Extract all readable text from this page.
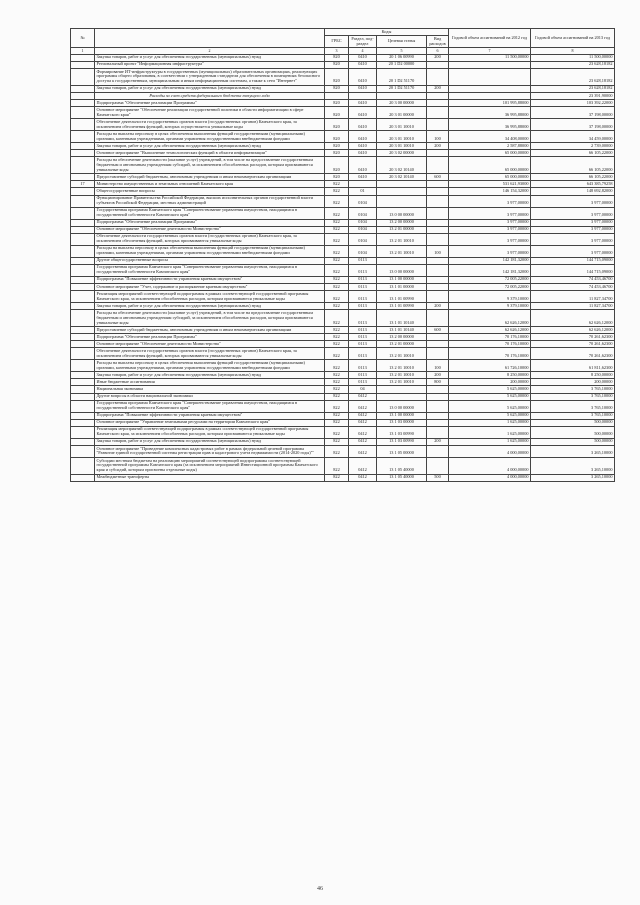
№		Коды				Годовой объем ассигнований на 2012 год	Годовой объем ассигнований на 2013 год
		ГРБС	Раздел, под-раздел	Целевая статья	Вид расходов		
1	2	3	4	5	6	7	8
	Закупка товаров, работ и услуг для обеспечения государственных (муниципальных) нужд	820	0410	20 1 06 00990	200	11 500,00000	11 500,00000
	Региональный проект "Информационная инфраструктура"	820	0410	20 1 D2 00000			23 628,18182
	Формирование ИТ-инфраструктуры в государственных (муниципальных) образовательных организациях, реализующих программы общего образования, в соответствии с утвержденным стандартом для обеспечения в помещениях безопасного доступа к государственным, муниципальным и иным информационным системам, а также к сети "Интернет"	820	0410	20 1 D2 51170			23 628,18182
	Закупка товаров, работ и услуг для обеспечения государственных (муниципальных) нужд	820	0410	20 1 D2 51170	200		23 628,18182
	Расходы за счет средств федерального бюджета текущего года						23 391,90000
	Подпрограмма "Обеспечение реализации Программы"	820	0410	20 3 00 00000		101 995,88000	103 392,22000
	Основное мероприятие "Обеспечение реализации государственной политики в области информатизации в сфере Камчатского края"	820	0410	20 3 01 00000		36 995,88000	37 198,00000
	Обеспечение деятельности государственных органов власти (государственных органов) Камчатского края, за исключением обеспечения функций, которых осуществляется уникальные коды	820	0410	20 3 01 10010		36 995,88000	37 198,00000
	Расходы на выплаты персоналу в целях обеспечения выполнения функций государственными (муниципальными) органами, казенными учреждениями, органами управления государственными внебюджетными фондами	820	0410	20 3 01 10010	100	34 408,00000	34 459,00000
	Закупка товаров, работ и услуг для обеспечения государственных (муниципальных) нужд	820	0410	20 3 01 10010	200	2 587,88000	2 739,00000
	Основное мероприятие "Выполнение технологических функций в области информатизации"	820	0410	20 3 02 00000		65 000,00000	66 105,22000
	Расходы на обеспечение деятельности (оказание услуг) учреждений, в том числе на предоставление государственным бюджетным и автономным учреждениям субсидий, за исключением обособленных расходов, которым присваиваются уникальные коды	820	0410	20 3 02 10140		65 000,00000	66 105,22000
	Предоставление субсидий бюджетным, автономным учреждениям и иным некоммерческим организациям	820	0410	20 3 02 10140	600	65 000,00000	66 105,22000
17	Министерство имущественных и земельных отношений Камчатского края	822				531 621,93000	643 385,79258
	Общегосударственные вопросы	822	01			146 154,32000	148 692,82000
	Функционирование Правительства Российской Федерации, высших исполнительных органов государственной власти субъектов Российской Федерации, местных администраций	822	0104			3 977,00000	3 977,00000
	Государственная программа Камчатского края "Совершенствование управления имуществом, находящимся в государственной собственности Камчатского края"	822	0104	13 0 00 00000		3 977,00000	3 977,00000
	Подпрограмма "Обеспечение реализации Программы"	822	0104	13 2 00 00000		3 977,00000	3 977,00000
	Основное мероприятие "Обеспечение деятельности Министерства"	822	0104	13 2 01 00000		3 977,00000	3 977,00000
	Обеспечение деятельности государственных органов власти (государственных органов) Камчатского края, за исключением обеспечения функций, которых присваиваются уникальные коды	822	0104	13 2 01 10010		3 977,00000	3 977,00000
	Расходы на выплаты персоналу в целях обеспечения выполнения функций государственными (муниципальными) органами, казенными учреждениями, органами управления государственными внебюджетными фондами	822	0104	13 2 01 10010	100	3 977,00000	3 977,00000
	Другие общегосударственные вопросы	822	0113			142 181,32000	144 715,09000
	Государственная программа Камчатского края "Совершенствование управления имуществом, находящимся в государственной собственности Камчатского края"	822	0113	13 0 00 00000		142 181,32000	144 715,09000
	Подпрограмма "Повышение эффективности управления краевым имуществом"	822	0113	13 1 00 00000		72 005,22000	74 453,46700
	Основное мероприятие "Учет, содержание и распоряжение краевым имуществом"	822	0113	13 1 01 00000		72 005,22000	74 453,46700
	Реализация мероприятий соответствующей подпрограммы в рамках соответствующей государственной программы Камчатского края, за исключением обособленных расходов, которым присваиваются уникальные коды	822	0113	13 1 01 00990		9 379,10000	11 827,34700
	Закупка товаров, работ и услуг для обеспечения государственных (муниципальных) нужд	822	0113	13 1 01 00990	200	9 379,10000	11 827,34700
	Расходы на обеспечение деятельности (оказание услуг) учреждений, в том числе на предоставление государственным бюджетным и автономным учреждениям субсидий, за исключением обособленных расходов, которым присваиваются уникальные коды	822	0113	13 1 01 10140		62 626,12000	62 626,12000
	Предоставление субсидий бюджетным, автономным учреждениям и иным некоммерческим организациям	822	0113	13 1 01 10140	600	62 626,12000	62 626,12000
	Подпрограмма "Обеспечение реализации Программы"	822	0113	13 2 00 00000		70 176,10000	70 261,62300
	Основное мероприятие "Обеспечение деятельности Министерства"	822	0113	13 2 01 00000		70 176,10000	70 261,62300
	Обеспечение деятельности государственных органов власти (государственных органов) Камчатского края, за исключением обеспечения функций, которых присваиваются уникальные коды	822	0113	13 2 01 10010		70 176,10000	70 261,62300
	Расходы на выплаты персоналу в целях обеспечения выполнения функций государственными (муниципальными) органами, казенными учреждениями, органами управления государственными внебюджетными фондами	822	0113	13 2 01 10010	100	61 726,10000	61 811,62300
	Закупка товаров, работ и услуг для обеспечения государственных (муниципальных) нужд	822	0113	13 2 01 10010	200	8 250,00000	8 250,00000
	Иные бюджетные ассигнования	822	0113	13 2 01 10010	800	200,00000	200,00000
	Национальная экономика	822	04			5 625,00000	3 765,10000
	Другие вопросы в области национальной экономики	822	0412			5 625,00000	3 765,10000
	Государственная программа Камчатского края "Совершенствование управления имуществом, находящимся в государственной собственности Камчатского края"	822	0412	13 0 00 00000		5 625,00000	3 765,10000
	Подпрограмма "Повышение эффективности управления краевым имуществом"	822	0412	13 1 00 00000		5 625,00000	3 765,10000
	Основное мероприятие "Управление земельными ресурсами на территории Камчатского края"	822	0412	13 1 03 00000		1 625,00000	500,00000
	Реализация мероприятий соответствующей подпрограммы в рамках соответствующей государственной программы Камчатского края, за исключением обособленных расходов, которым присваиваются уникальные коды	822	0412	13 1 03 00990		1 625,00000	500,00000
	Закупка товаров, работ и услуг для обеспечения государственных (муниципальных) нужд	822	0412	13 1 03 00990	200	1 625,00000	500,00000
	Основное мероприятие "Проведение комплексных кадастровых работ в рамках федеральной целевой программы "Развитие единой государственной системы регистрации прав и кадастрового учета недвижимости (2014-2020 годы)""	822	0412	13 1 05 00000		4 000,00000	3 265,10000
	Субсидии местным бюджетам на реализацию мероприятий соответствующей подпрограммы соответствующей государственной программы Камчатского края (за исключением мероприятий Инвестиционной программы Камчатского края и субсидий, которым присвоены отдельные коды)	822	0412	13 1 05 40000		4 000,00000	3 265,10000
	Межбюджетные трансферты	822	0412	13 1 05 40000	500	4 000,00000	3 265,10000
46
